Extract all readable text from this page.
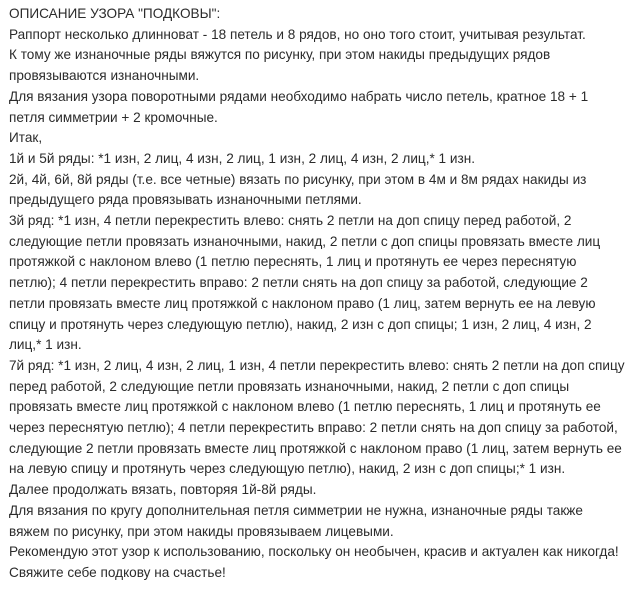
ОПИСАНИЕ УЗОРА "ПОДКОВЫ":

Раппорт несколько длинноват - 18 петель и 8 рядов, но оно того стоит, учитывая результат.

К тому же изнаночные ряды вяжутся по рисунку, при этом накиды предыдущих рядов провязываются изнаночными.

Для вязания узора поворотными рядами необходимо набрать число петель, кратное 18 + 1 петля симметрии + 2 кромочные.

Итак,

1й и 5й ряды: *1 изн, 2 лиц, 4 изн, 2 лиц, 1 изн, 2 лиц, 4 изн, 2 лиц,* 1 изн.

2й, 4й, 6й, 8й ряды (т.е. все четные) вязать по рисунку, при этом в 4м и 8м рядах накиды из предыдущего ряда провязывать изнаночными петлями.

3й ряд: *1 изн, 4 петли перекрестить влево: снять 2 петли на доп спицу перед работой, 2 следующие петли провязать изнаночными, накид, 2 петли с доп спицы провязать вместе лиц протяжкой с наклоном влево (1 петлю переснять, 1 лиц и протянуть ее через переснятую петлю); 4 петли перекрестить вправо: 2 петли снять на доп спицу за работой, следующие 2 петли провязать вместе лиц протяжкой с наклоном право (1 лиц, затем вернуть ее на левую спицу и протянуть через следующую петлю), накид, 2 изн с доп спицы; 1 изн, 2 лиц, 4 изн, 2 лиц,* 1 изн.

7й ряд: *1 изн, 2 лиц, 4 изн, 2 лиц, 1 изн, 4 петли перекрестить влево: снять 2 петли на доп спицу перед работой, 2 следующие петли провязать изнаночными, накид, 2 петли с доп спицы провязать вместе лиц протяжкой с наклоном влево (1 петлю переснять, 1 лиц и протянуть ее через переснятую петлю); 4 петли перекрестить вправо: 2 петли снять на доп спицу за работой, следующие 2 петли провязать вместе лиц протяжкой с наклоном право (1 лиц, затем вернуть ее на левую спицу и протянуть через следующую петлю), накид, 2 изн с доп спицы;* 1 изн.

Далее продолжать вязать, повторяя 1й-8й ряды.

Для вязания по кругу дополнительная петля симметрии не нужна, изнаночные ряды также вяжем по рисунку, при этом накиды провязываем лицевыми.

Рекомендую этот узор к использованию, поскольку он необычен, красив и актуален как никогда! Свяжите себе подкову на счастье!
